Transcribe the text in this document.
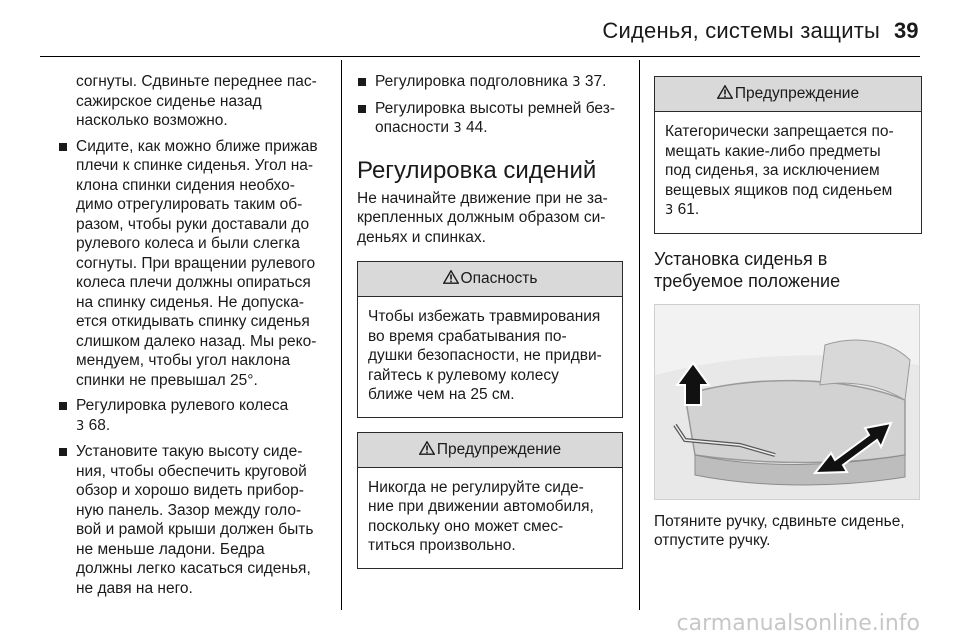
Сиденья, системы защиты 39

согнуты. Сдвиньте переднее пас-

сажирское сиденье назад

насколько возможно.

Сидите, как можно ближе прижав

плечи к спинке сиденья. Угол на-

клона спинки сидения необхо-

димо отрегулировать таким об-

разом, чтобы руки доставали до

рулевого колеса и были слегка

согнуты. При вращении рулевого

колеса плечи должны опираться

на спинку сиденья. Не допуска-

ется откидывать спинку сиденья

слишком далеко назад. Мы реко-

мендуем, чтобы угол наклона

спинки не превышал 25°.

Регулировка рулевого колеса

3 68.

Установите такую высоту сиде-

ния, чтобы обеспечить круговой

обзор и хорошо видеть прибор-

ную панель. Зазор между голо-

вой и рамой крыши должен быть

не меньше ладони. Бедра

должны легко касаться сиденья,

не давя на него.

Регулировка подголовника 3 37.

Регулировка высоты ремней без-

опасности 3 44.

Регулировка сидений

Не начинайте движение при не за-

крепленных должным образом си-

деньях и спинках.

Опасность

Чтобы избежать травмирования

во время срабатывания по-

душки безопасности, не придви-

гайтесь к рулевому колесу

ближе чем на 25 см.

Предупреждение

Никогда не регулируйте сиде-

ние при движении автомобиля,

поскольку оно может смес-

титься произвольно.

Предупреждение

Категорически запрещается по-

мещать какие-либо предметы

под сиденья, за исключением

вещевых ящиков под сиденьем

3 61.

Установка сиденья в
требуемое положение

Потяните ручку, сдвиньте сиденье,

отпустите ручку.

carmanualsonline.info
